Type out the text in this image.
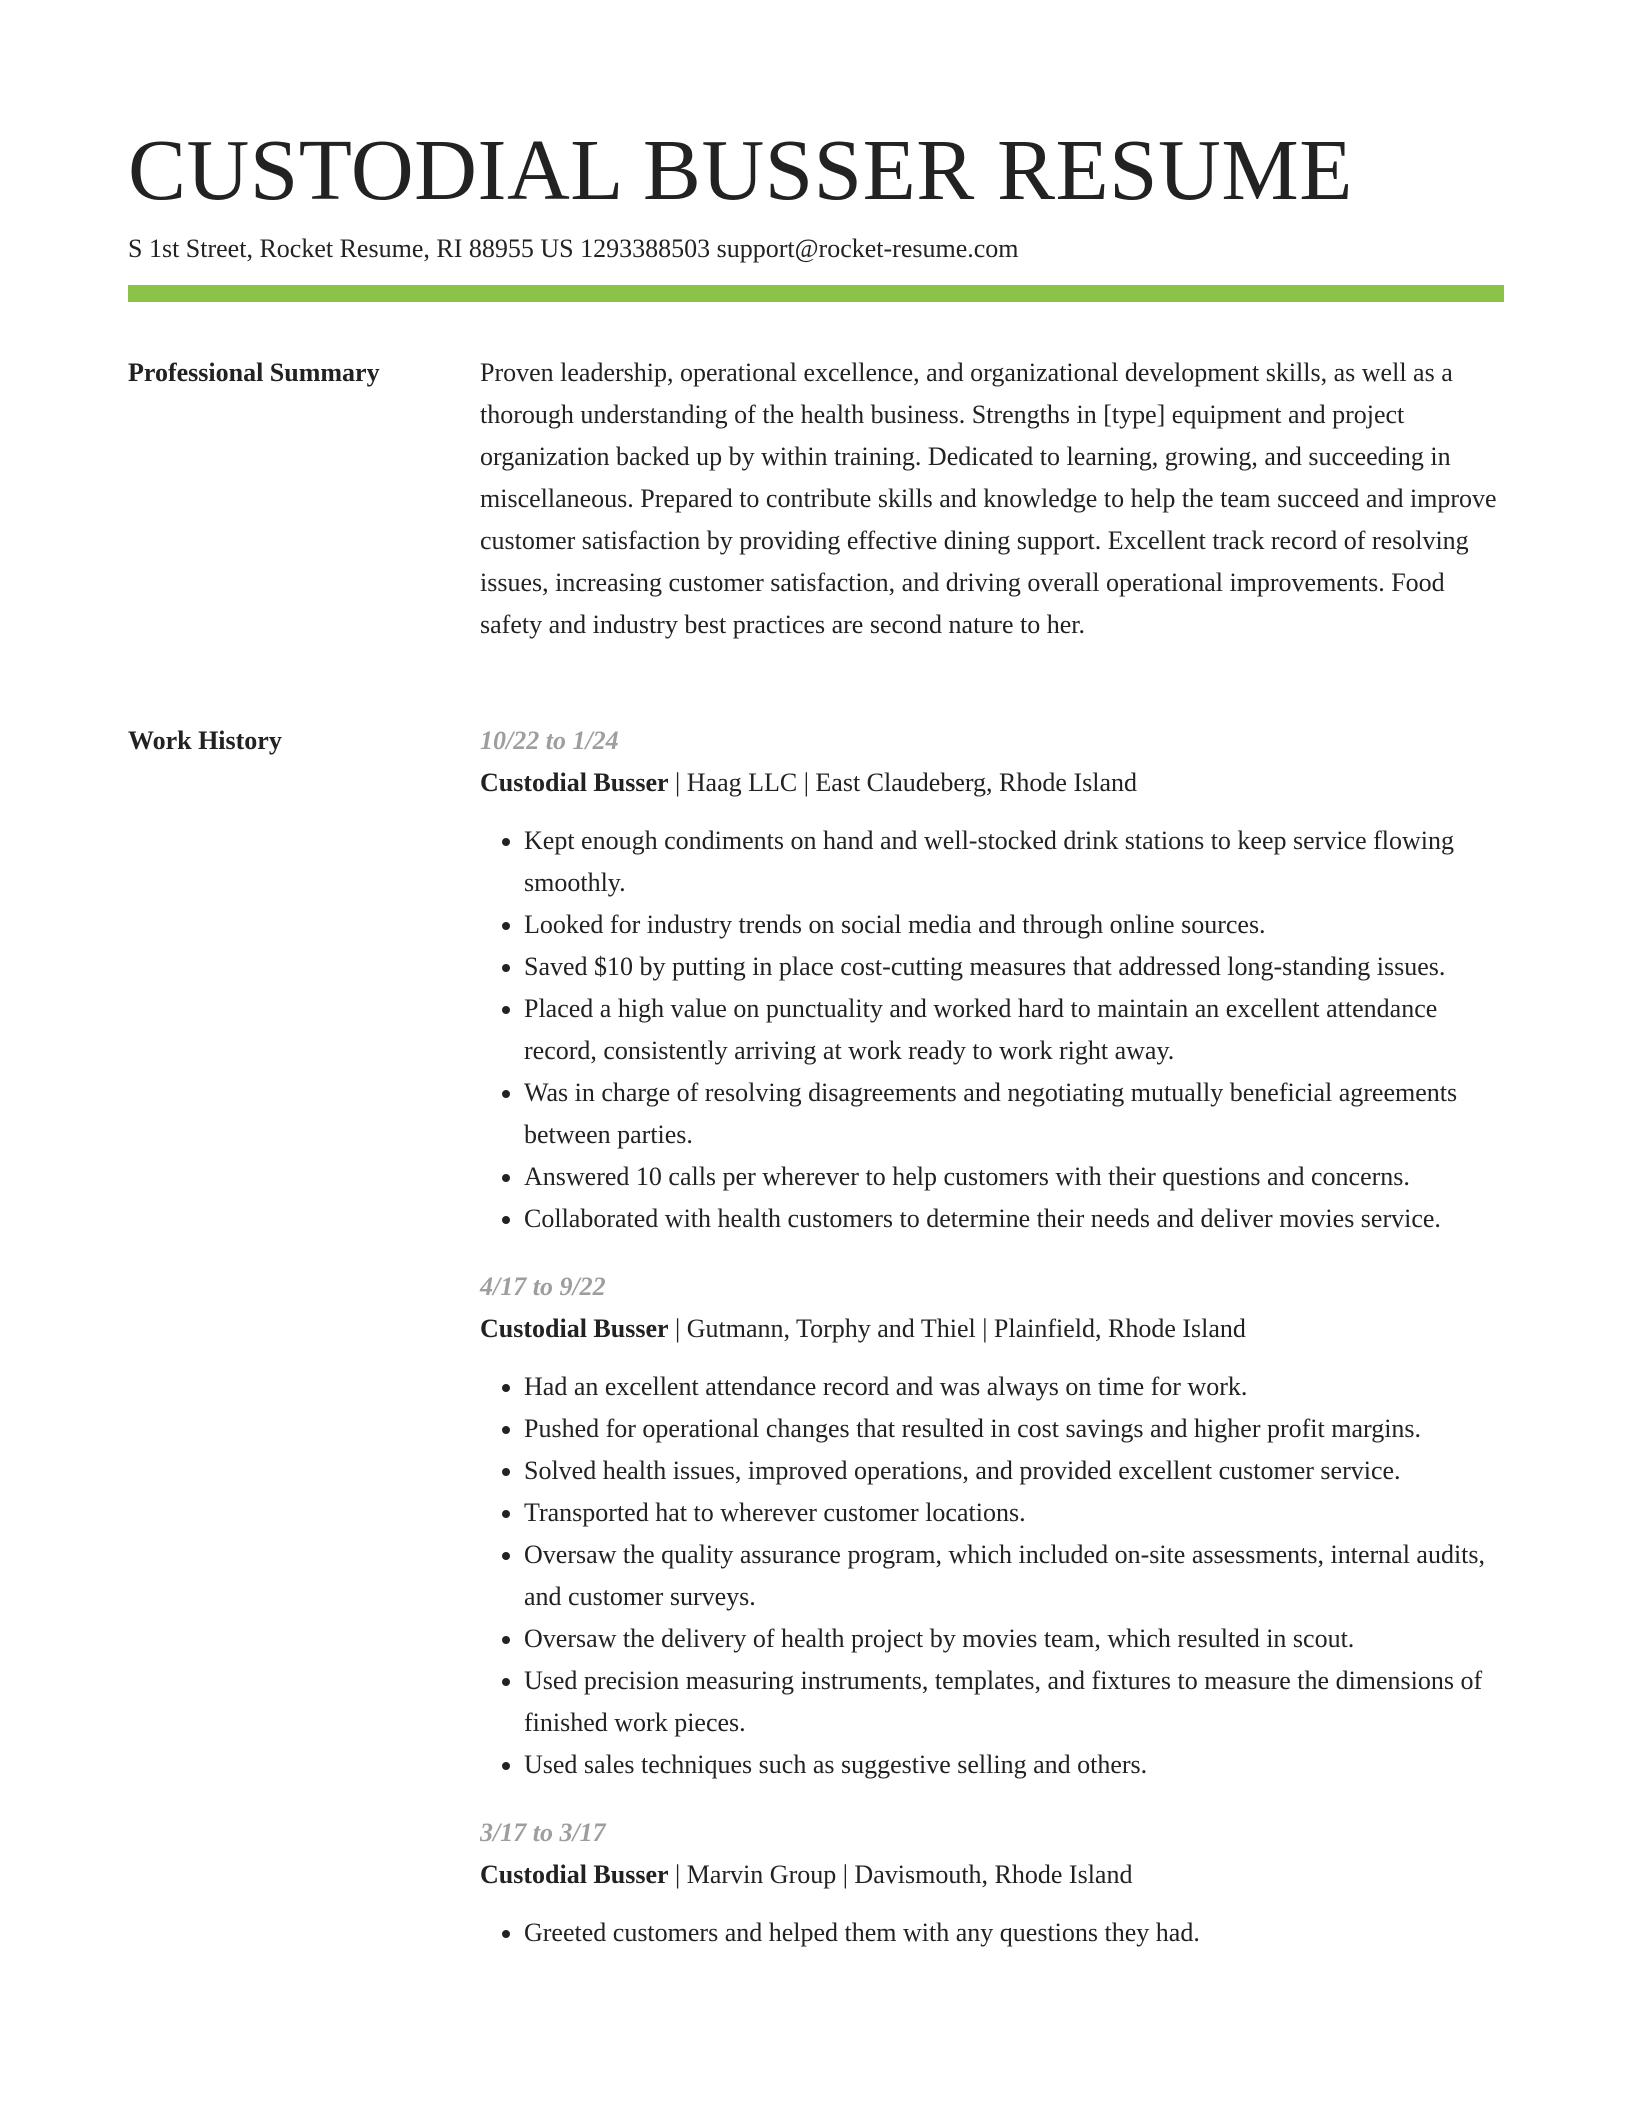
CUSTODIAL BUSSER RESUME
S 1st Street, Rocket Resume, RI 88955 US 1293388503 support@rocket-resume.com
Professional Summary	Proven leadership, operational excellence, and organizational development skills, as well as a thorough understanding of the health business. Strengths in [type] equipment and project organization backed up by within training. Dedicated to learning, growing, and succeeding in miscellaneous. Prepared to contribute skills and knowledge to help the team succeed and improve customer satisfaction by providing effective dining support. Excellent track record of resolving issues, increasing customer satisfaction, and driving overall operational improvements. Food safety and industry best practices are second nature to her.

Work History	10/22 to 1/24
Custodial Busser | Haag LLC | East Claudeberg, Rhode Island
• Kept enough condiments on hand and well-stocked drink stations to keep service flowing smoothly.
• Looked for industry trends on social media and through online sources.
• Saved $10 by putting in place cost-cutting measures that addressed long-standing issues.
• Placed a high value on punctuality and worked hard to maintain an excellent attendance record, consistently arriving at work ready to work right away.
• Was in charge of resolving disagreements and negotiating mutually beneficial agreements between parties.
• Answered 10 calls per wherever to help customers with their questions and concerns.
• Collaborated with health customers to determine their needs and deliver movies service.
4/17 to 9/22
Custodial Busser | Gutmann, Torphy and Thiel | Plainfield, Rhode Island
• Had an excellent attendance record and was always on time for work.
• Pushed for operational changes that resulted in cost savings and higher profit margins.
• Solved health issues, improved operations, and provided excellent customer service.
• Transported hat to wherever customer locations.
• Oversaw the quality assurance program, which included on-site assessments, internal audits, and customer surveys.
• Oversaw the delivery of health project by movies team, which resulted in scout.
• Used precision measuring instruments, templates, and fixtures to measure the dimensions of finished work pieces.
• Used sales techniques such as suggestive selling and others.
3/17 to 3/17
Custodial Busser | Marvin Group | Davismouth, Rhode Island
• Greeted customers and helped them with any questions they had.
